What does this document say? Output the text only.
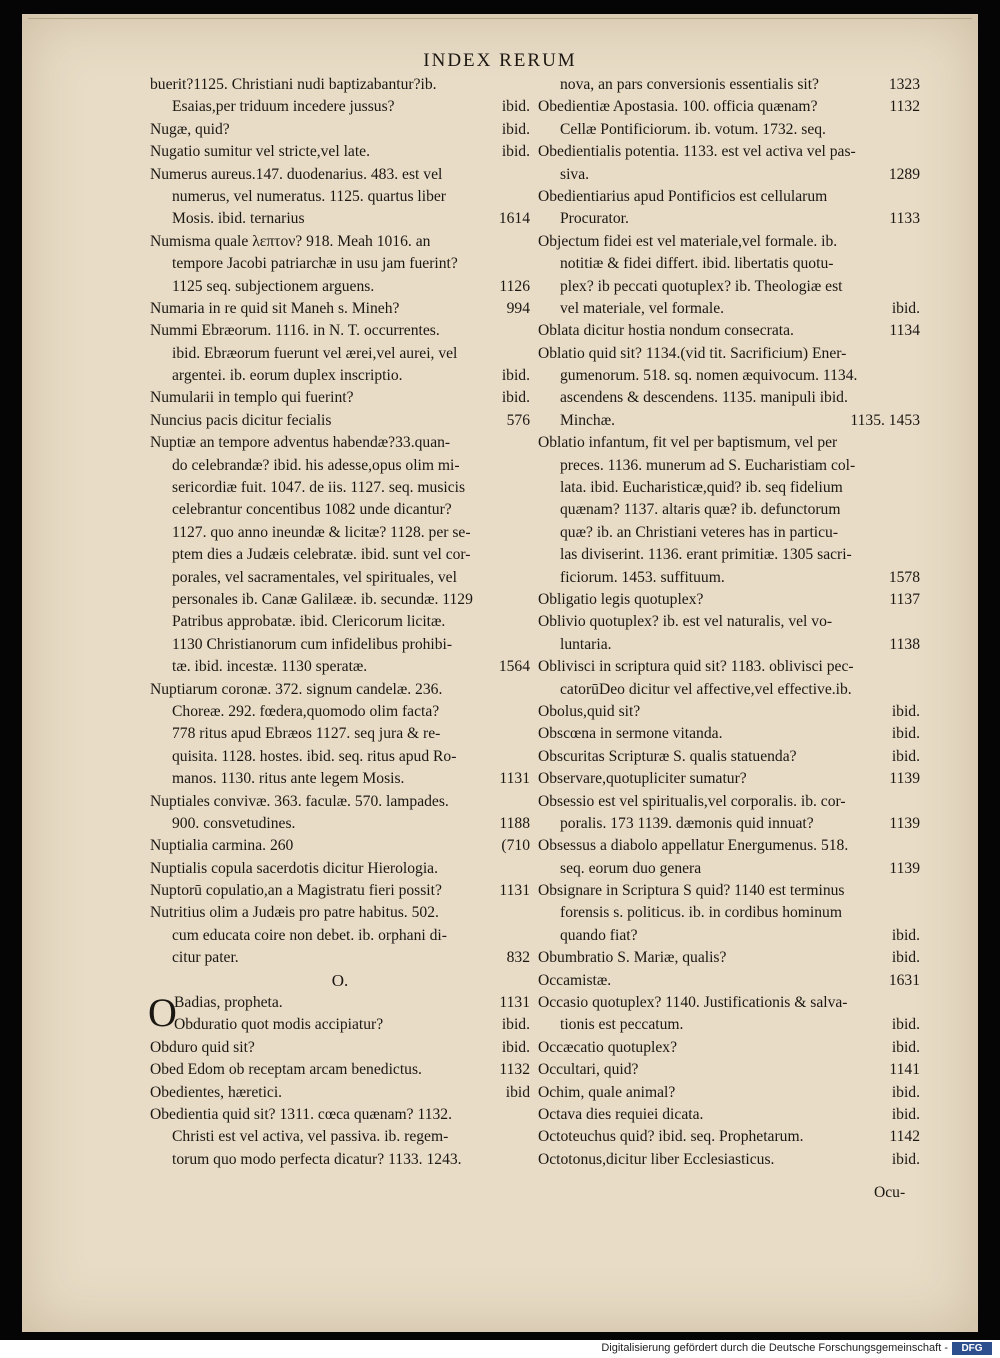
INDEX RERUM
buerit?1125. Christiani nudi baptizabantur?ib.
Esaias,per triduum incedere jussus?	ibid.
Nugæ, quid?	ibid.
Nugatio sumitur vel stricte,vel late.	ibid.
Numerus aureus.147. duodenarius. 483. est vel
numerus, vel numeratus. 1125. quartus liber
Mosis. ibid. ternarius	1614
Numisma quale λεπτον? 918. Meah 1016. an
tempore Jacobi patriarchæ in usu jam fuerint?
1125 seq. subjectionem arguens.	1126
Numaria in re quid sit Maneh s. Mineh?	994
Nummi Ebræorum. 1116. in N. T. occurrentes.
ibid. Ebræorum fuerunt vel ærei,vel aurei, vel
argentei. ib. eorum duplex inscriptio.	ibid.
Numularii in templo qui fuerint?	ibid.
Nuncius pacis dicitur fecialis	576
Nuptiæ an tempore adventus habendæ?33.quan-
do celebrandæ? ibid. his adesse,opus olim mi-
sericordiæ fuit. 1047. de iis. 1127. seq. musicis
celebrantur concentibus 1082 unde dicantur?
1127. quo anno ineundæ & licitæ? 1128. per se-
ptem dies a Judæis celebratæ. ibid. sunt vel cor-
porales, vel sacramentales, vel spirituales, vel
personales ib. Canæ Galilææ. ib. secundæ. 1129
Patribus approbatæ. ibid. Clericorum licitæ.
1130 Christianorum cum infidelibus prohibi-
tæ. ibid. incestæ. 1130 speratæ.	1564
Nuptiarum coronæ. 372. signum candelæ. 236.
Choreæ. 292. fœdera,quomodo olim facta?
778 ritus apud Ebræos 1127. seq jura & re-
quisita. 1128. hostes. ibid. seq. ritus apud Ro-
manos. 1130. ritus ante legem Mosis.	1131
Nuptiales convivæ. 363. faculæ. 570. lampades.
900. consvetudines.	1188
Nuptialia carmina. 260	(710
Nuptialis copula sacerdotis dicitur Hierologia.
Nuptorū copulatio,an a Magistratu fieri possit?	1131
Nutritius olim a Judæis pro patre habitus. 502.
cum educata coire non debet. ib. orphani di-
citur pater.	832
O.
Badias, propheta.	1131
O
Obduratio quot modis accipiatur?	ibid.
Obduro quid sit?	ibid.
Obed Edom ob receptam arcam benedictus.	1132
Obedientes, hæretici.	ibid
Obedientia quid sit? 1311. cœca quænam? 1132.
Christi est vel activa, vel passiva. ib. regem-
torum quo modo perfecta dicatur? 1133. 1243.
nova, an pars conversionis essentialis sit?	1323
Obedientiæ Apostasia. 100. officia quænam?	1132
Cellæ Pontificiorum. ib. votum. 1732. seq.
Obedientialis potentia. 1133. est vel activa vel pas-
siva.	1289
Obedientiarius apud Pontificios est cellularum
Procurator.	1133
Objectum fidei est vel materiale,vel formale. ib.
notitiæ & fidei differt. ibid. libertatis quotu-
plex? ib peccati quotuplex? ib. Theologiæ est
vel materiale, vel formale.	ibid.
Oblata dicitur hostia nondum consecrata.	1134
Oblatio quid sit? 1134.(vid tit. Sacrificium) Ener-
gumenorum. 518. sq. nomen æquivocum. 1134.
ascendens & descendens. 1135. manipuli ibid.
Minchæ.	1135. 1453
Oblatio infantum, fit vel per baptismum, vel per
preces. 1136. munerum ad S. Eucharistiam col-
lata. ibid. Eucharisticæ,quid? ib. seq fidelium
quænam? 1137. altaris quæ? ib. defunctorum
quæ? ib. an Christiani veteres has in particu-
las diviserint. 1136. erant primitiæ. 1305 sacri-
ficiorum. 1453. suffituum.	1578
Obligatio legis quotuplex?	1137
Oblivio quotuplex? ib. est vel naturalis, vel vo-
luntaria.	1138
Oblivisci in scriptura quid sit? 1183. oblivisci pec-
catorūDeo dicitur vel affective,vel effective.ib.
Obolus,quid sit?	ibid.
Obscœna in sermone vitanda.	ibid.
Obscuritas Scripturæ S. qualis statuenda?	ibid.
Observare,quotupliciter sumatur?	1139
Obsessio est vel spiritualis,vel corporalis. ib. cor-
poralis. 173 1139. dæmonis quid innuat?	1139
Obsessus a diabolo appellatur Energumenus. 518.
seq. eorum duo genera	1139
Obsignare in Scriptura S quid? 1140 est terminus
forensis s. politicus. ib. in cordibus hominum
quando fiat?	ibid.
Obumbratio S. Mariæ, qualis?	ibid.
Occamistæ.	1631
Occasio quotuplex? 1140. Justificationis & salva-
tionis est peccatum.	ibid.
Occæcatio quotuplex?	ibid.
Occultari, quid?	1141
Ochim, quale animal?	ibid.
Octava dies requiei dicata.	ibid.
Octoteuchus quid? ibid. seq. Prophetarum.	1142
Octotonus,dicitur liber Ecclesiasticus.	ibid.
Ocu-
Digitalisierung gefördert durch die Deutsche Forschungsgemeinschaft -	DFG
